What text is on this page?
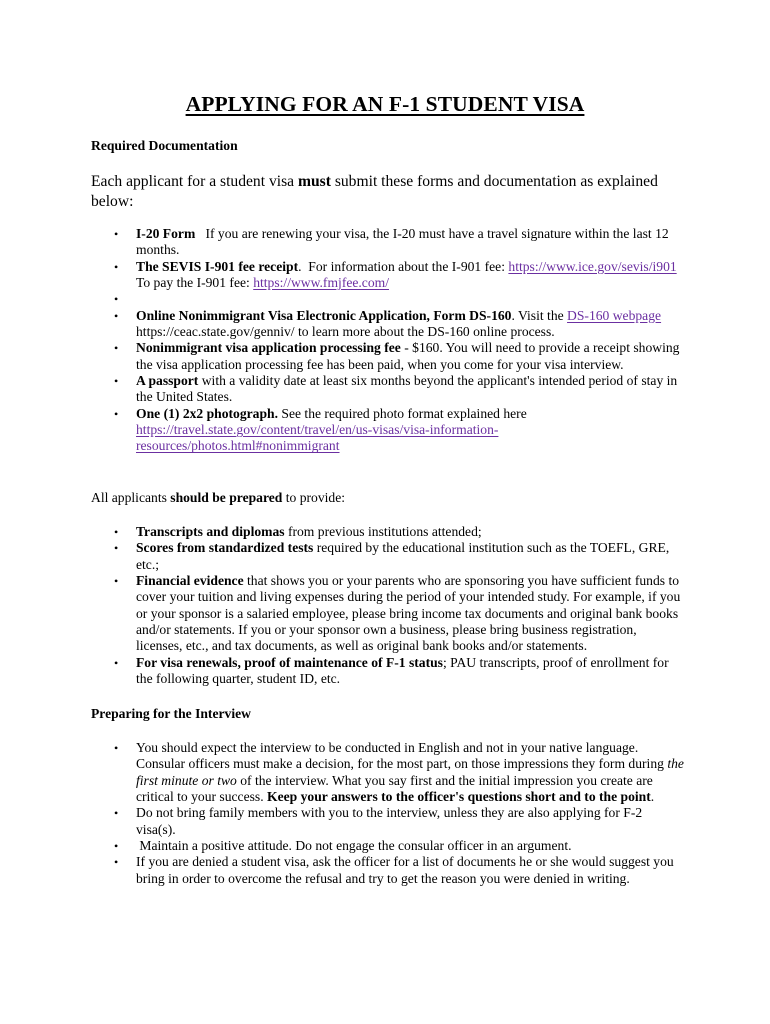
APPLYING FOR AN F-1 STUDENT VISA

Required Documentation

Each applicant for a student visa must submit these forms and documentation as explained below:

• I-20 Form   If you are renewing your visa, the I-20 must have a travel signature within the last 12 months.
• The SEVIS I-901 fee receipt.  For information about the I-901 fee: https://www.ice.gov/sevis/i901  To pay the I-901 fee: https://www.fmjfee.com/
•
• Online Nonimmigrant Visa Electronic Application, Form DS-160. Visit the DS-160 webpage https://ceac.state.gov/genniv/ to learn more about the DS-160 online process.
• Nonimmigrant visa application processing fee - $160. You will need to provide a receipt showing the visa application processing fee has been paid, when you come for your visa interview.
• A passport with a validity date at least six months beyond the applicant's intended period of stay in the United States.
• One (1) 2x2 photograph. See the required photo format explained here https://travel.state.gov/content/travel/en/us-visas/visa-information-
resources/photos.html#nonimmigrant

All applicants should be prepared to provide:

• Transcripts and diplomas from previous institutions attended;
• Scores from standardized tests required by the educational institution such as the TOEFL, GRE, etc.;
• Financial evidence that shows you or your parents who are sponsoring you have sufficient funds to cover your tuition and living expenses during the period of your intended study. For example, if you or your sponsor is a salaried employee, please bring income tax documents and original bank books and/or statements. If you or your sponsor own a business, please bring business registration, licenses, etc., and tax documents, as well as original bank books and/or statements.
• For visa renewals, proof of maintenance of F-1 status; PAU transcripts, proof of enrollment for the following quarter, student ID, etc.

Preparing for the Interview

• You should expect the interview to be conducted in English and not in your native language. Consular officers must make a decision, for the most part, on those impressions they form during the first minute or two of the interview. What you say first and the initial impression you create are critical to your success. Keep your answers to the officer's questions short and to the point.
• Do not bring family members with you to the interview, unless they are also applying for F-2 visa(s).
• Maintain a positive attitude. Do not engage the consular officer in an argument.
• If you are denied a student visa, ask the officer for a list of documents he or she would suggest you bring in order to overcome the refusal and try to get the reason you were denied in writing.
